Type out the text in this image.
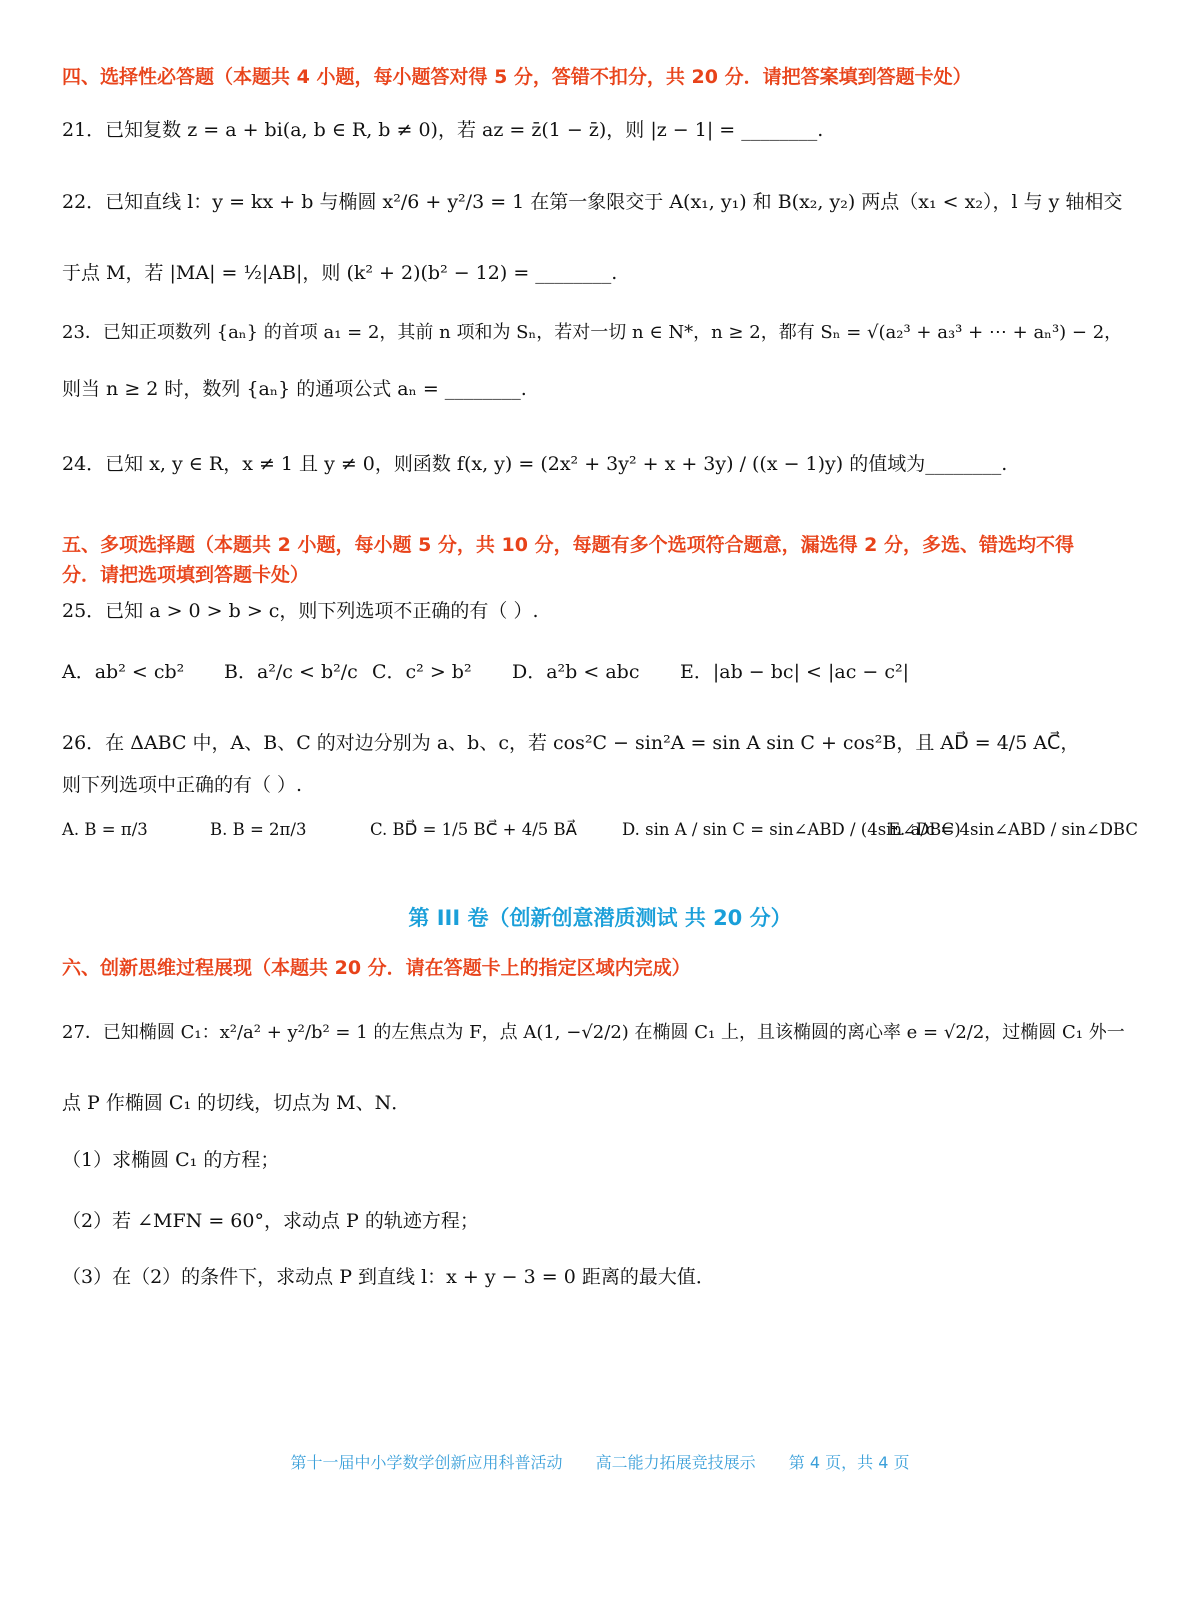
四、选择性必答题（本题共 4 小题，每小题答对得 5 分，答错不扣分，共 20 分．请把答案填到答题卡处）
21．已知复数 z = a + bi(a, b ∈ R, b ≠ 0)，若 az = z̄(1 − z̄)，则 |z − 1| = ________.
22．已知直线 l：y = kx + b 与椭圆 x²/6 + y²/3 = 1 在第一象限交于 A(x₁, y₁) 和 B(x₂, y₂) 两点（x₁ < x₂），l 与 y 轴相交
于点 M，若 |MA| = ½|AB|，则 (k² + 2)(b² − 12) = ________.
23．已知正项数列 {aₙ} 的首项 a₁ = 2，其前 n 项和为 Sₙ，若对一切 n ∈ N*，n ≥ 2，都有 Sₙ = √(a₂³ + a₃³ + ⋯ + aₙ³) − 2，
则当 n ≥ 2 时，数列 {aₙ} 的通项公式 aₙ = ________.
24．已知 x, y ∈ R，x ≠ 1 且 y ≠ 0，则函数 f(x, y) = (2x² + 3y² + x + 3y) / ((x − 1)y) 的值域为________.
五、多项选择题（本题共 2 小题，每小题 5 分，共 10 分，每题有多个选项符合题意，漏选得 2 分，多选、错选均不得
分．请把选项填到答题卡处）
25．已知 a > 0 > b > c，则下列选项不正确的有（ ）.
A．ab² < cb² B．a²/c < b²/c C．c² > b² D．a²b < abc E．|ab − bc| < |ac − c²|
26．在 ΔABC 中，A、B、C 的对边分别为 a、b、c，若 cos²C − sin²A = sin A sin C + cos²B，且 AD⃗ = 4/5 AC⃗，
则下列选项中正确的有（ ）.
A. B = π/3	B. B = 2π/3	C. BD⃗ = 1/5 BC⃗ + 4/5 BA⃗	D. sin A / sin C = sin∠ABD / (4sin∠DBC)
E. a/c = 4sin∠ABD / sin∠DBC
第 III 卷（创新创意潜质测试 共 20 分）
六、创新思维过程展现（本题共 20 分．请在答题卡上的指定区域内完成）
27．已知椭圆 C₁：x²/a² + y²/b² = 1 的左焦点为 F，点 A(1, −√2/2) 在椭圆 C₁ 上，且该椭圆的离心率 e = √2/2，过椭圆 C₁ 外一
点 P 作椭圆 C₁ 的切线，切点为 M、N．
（1）求椭圆 C₁ 的方程；
（2）若 ∠MFN = 60°，求动点 P 的轨迹方程；
（3）在（2）的条件下，求动点 P 到直线 l：x + y − 3 = 0 距离的最大值．
第十一届中小学数学创新应用科普活动 高二能力拓展竞技展示 第 4 页，共 4 页
